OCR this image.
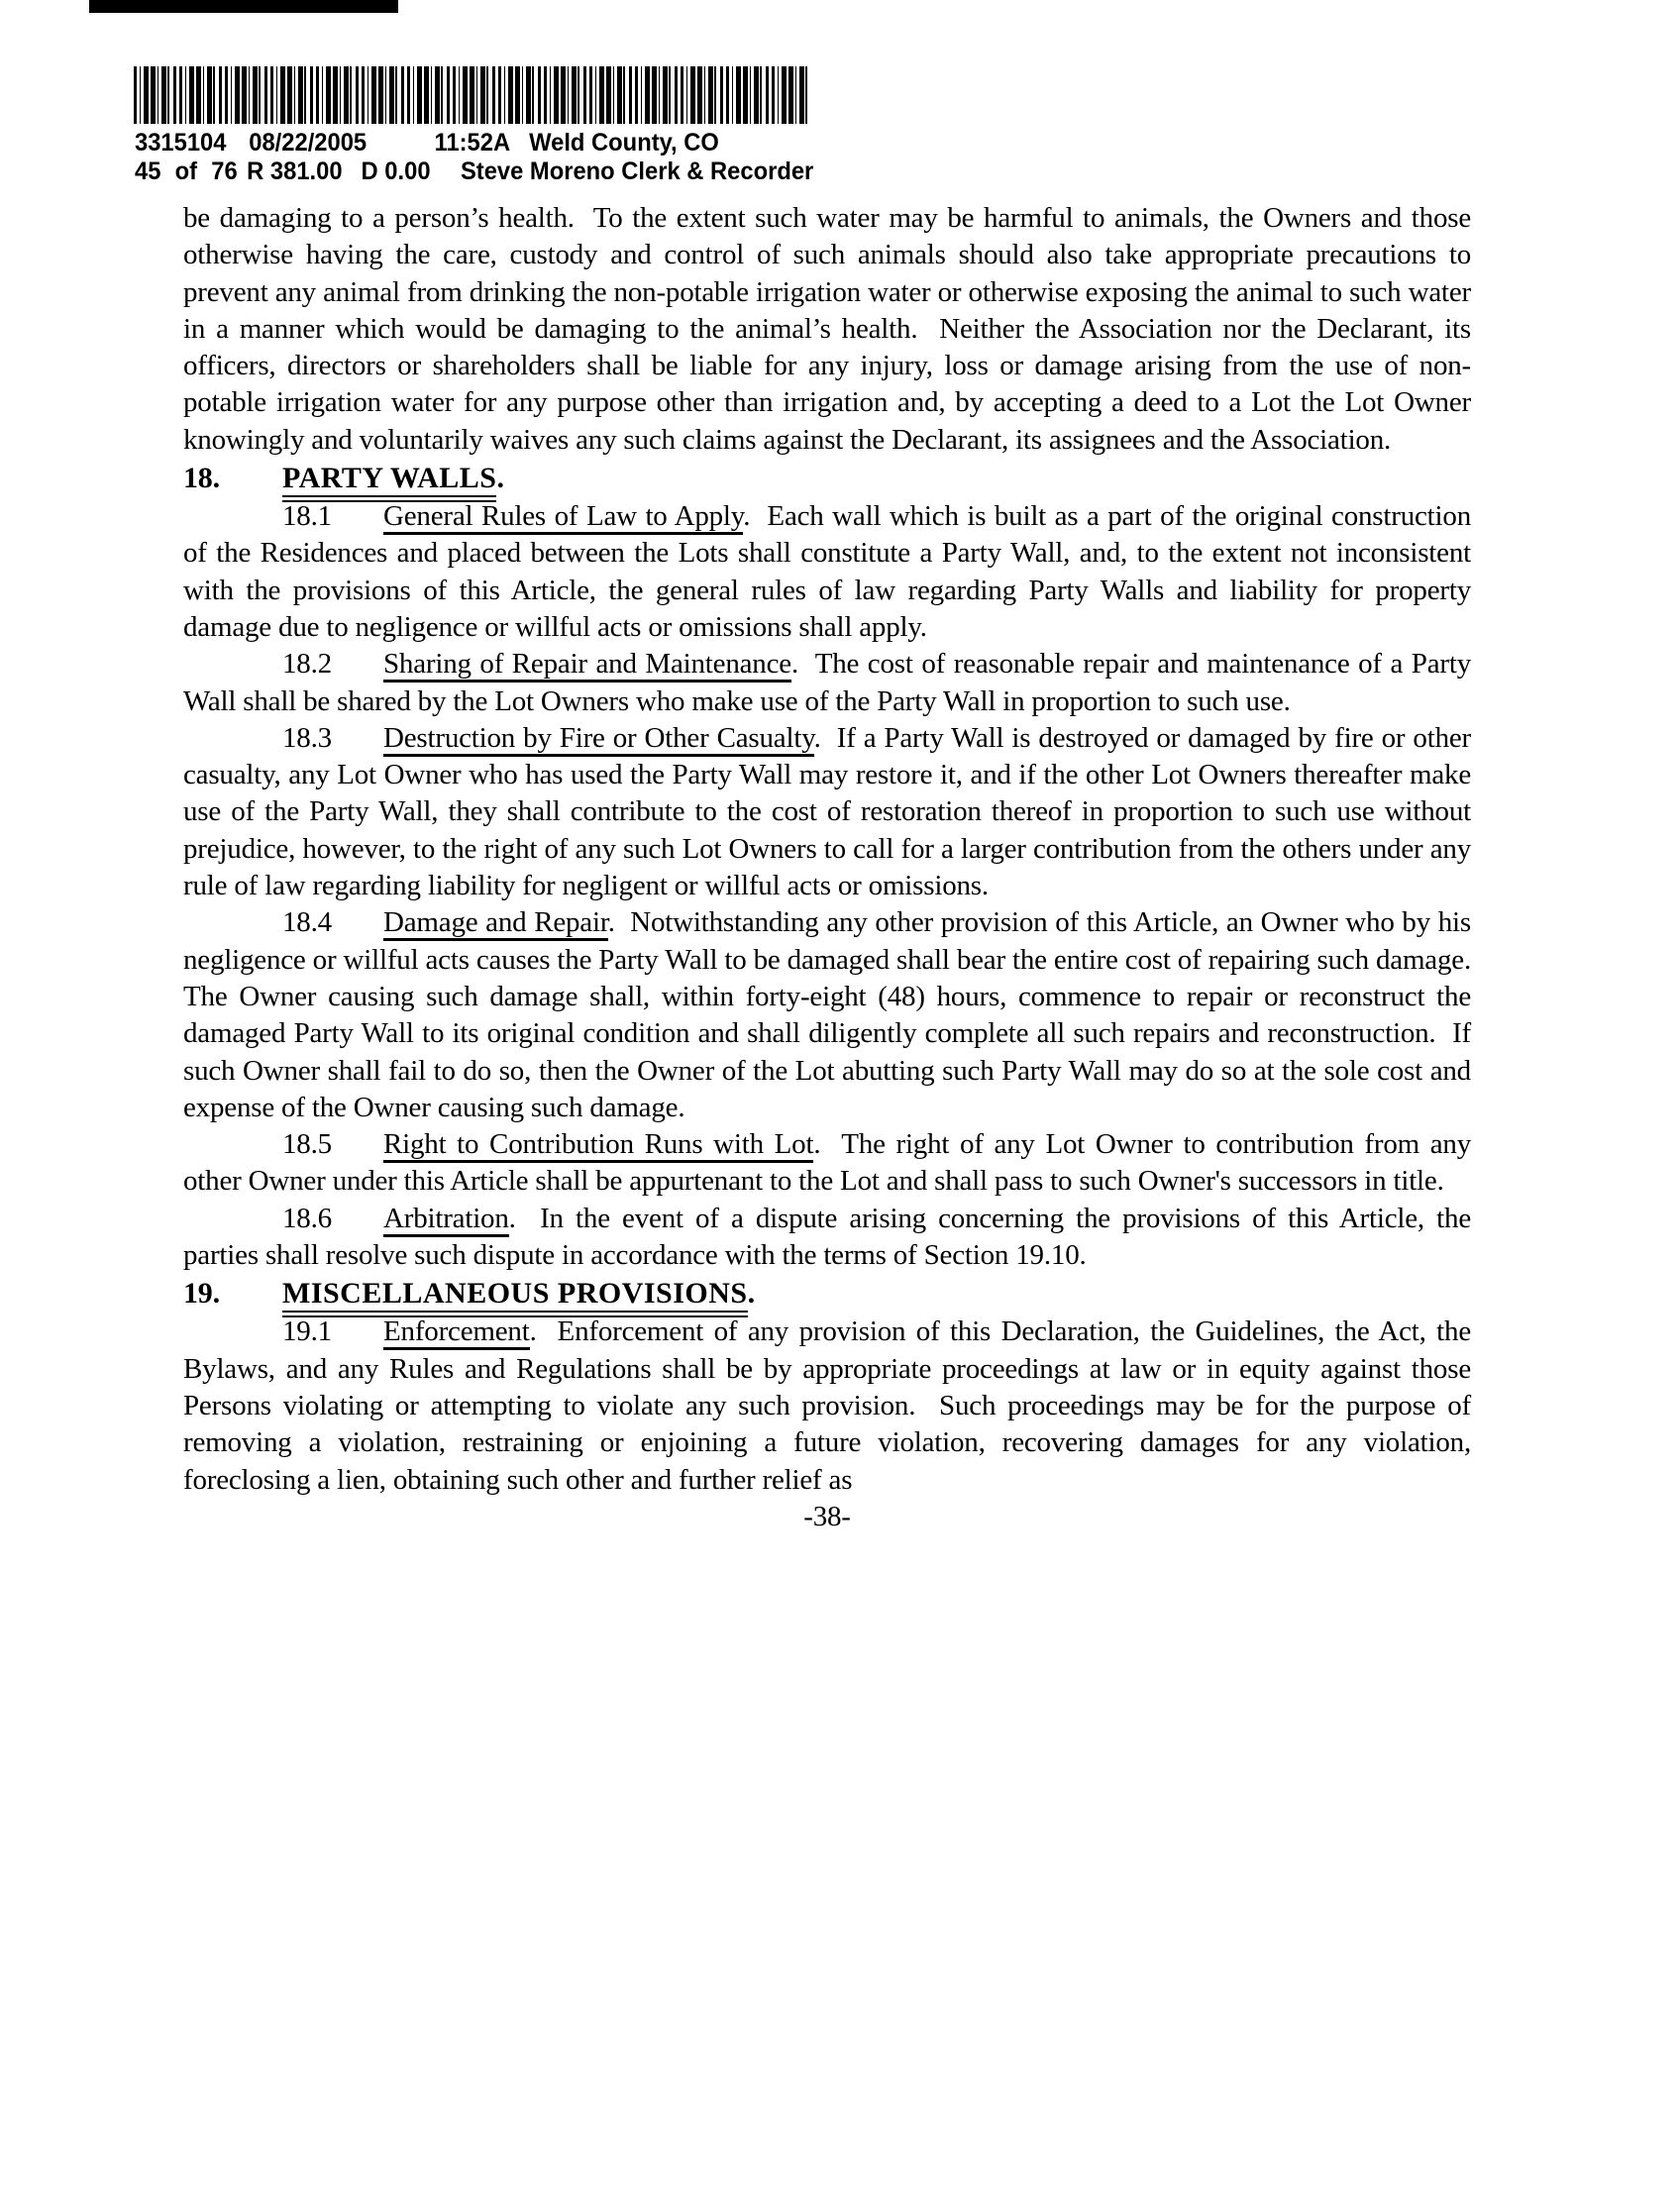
3315104 08/22/2005	11:52A Weld County, CO
45 of 76 R 381.00 D 0.00 Steve Moreno Clerk & Recorder

be damaging to a person’s health.  To the extent such water may be harmful to animals, the Owners and those otherwise having the care, custody and control of such animals should also take appropriate precautions to prevent any animal from drinking the non-potable irrigation water or otherwise exposing the animal to such water in a manner which would be damaging to the animal’s health.  Neither the Association nor the Declarant, its officers, directors or shareholders shall be liable for any injury, loss or damage arising from the use of non-potable irrigation water for any purpose other than irrigation and, by accepting a deed to a Lot the Lot Owner knowingly and voluntarily waives any such claims against the Declarant, its assignees and the Association.

18. PARTY WALLS.

18.1 General Rules of Law to Apply.  Each wall which is built as a part of the original construction of the Residences and placed between the Lots shall constitute a Party Wall, and, to the extent not inconsistent with the provisions of this Article, the general rules of law regarding Party Walls and liability for property damage due to negligence or willful acts or omissions shall apply.

18.2 Sharing of Repair and Maintenance.  The cost of reasonable repair and maintenance of a Party Wall shall be shared by the Lot Owners who make use of the Party Wall in proportion to such use.

18.3 Destruction by Fire or Other Casualty.  If a Party Wall is destroyed or damaged by fire or other casualty, any Lot Owner who has used the Party Wall may restore it, and if the other Lot Owners thereafter make use of the Party Wall, they shall contribute to the cost of restoration thereof in proportion to such use without prejudice, however, to the right of any such Lot Owners to call for a larger contribution from the others under any rule of law regarding liability for negligent or willful acts or omissions.

18.4 Damage and Repair.  Notwithstanding any other provision of this Article, an Owner who by his negligence or willful acts causes the Party Wall to be damaged shall bear the entire cost of repairing such damage.  The Owner causing such damage shall, within forty-eight (48) hours, commence to repair or reconstruct the damaged Party Wall to its original condition and shall diligently complete all such repairs and reconstruction.  If such Owner shall fail to do so, then the Owner of the Lot abutting such Party Wall may do so at the sole cost and expense of the Owner causing such damage.

18.5 Right to Contribution Runs with Lot.  The right of any Lot Owner to contribution from any other Owner under this Article shall be appurtenant to the Lot and shall pass to such Owner's successors in title.

18.6 Arbitration.  In the event of a dispute arising concerning the provisions of this Article, the parties shall resolve such dispute in accordance with the terms of Section 19.10.

19. MISCELLANEOUS PROVISIONS.

19.1 Enforcement.  Enforcement of any provision of this Declaration, the Guidelines, the Act, the Bylaws, and any Rules and Regulations shall be by appropriate proceedings at law or in equity against those Persons violating or attempting to violate any such provision.  Such proceedings may be for the purpose of removing a violation, restraining or enjoining a future violation, recovering damages for any violation, foreclosing a lien, obtaining such other and further relief as

-38-
